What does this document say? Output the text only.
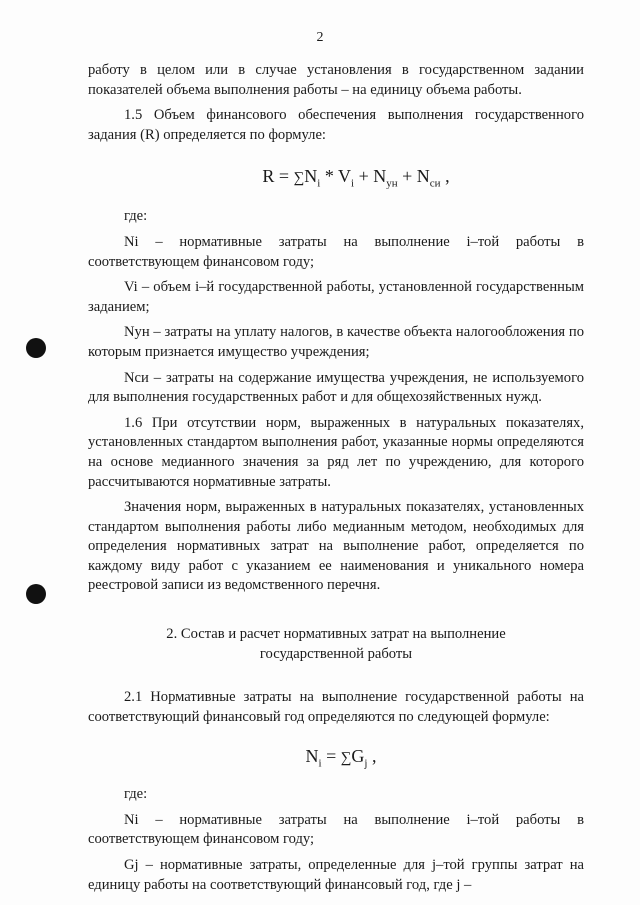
2

работу в целом или в случае установления в государственном задании показателей объема выполнения работы – на единицу объема работы.

1.5 Объем финансового обеспечения выполнения государственного задания (R) определяется по формуле:

$R = \sum N_i * V_i + N_{ун} + N_{си}$ ,

где:

Ni – нормативные затраты на выполнение i–той работы в соответствующем финансовом году;

Vi – объем i–й государственной работы, установленной государственным заданием;

Nун – затраты на уплату налогов, в качестве объекта налогообложения по которым признается имущество учреждения;

Nси – затраты на содержание имущества учреждения, не используемого для выполнения государственных работ и для общехозяйственных нужд.

1.6 При отсутствии норм, выраженных в натуральных показателях, установленных стандартом выполнения работ, указанные нормы определяются на основе медианного значения за ряд лет по учреждению, для которого рассчитываются нормативные затраты.

Значения норм, выраженных в натуральных показателях, установленных стандартом выполнения работы либо медианным методом, необходимых для определения нормативных затрат на выполнение работ, определяется по каждому виду работ с указанием ее наименования и уникального номера реестровой записи из ведомственного перечня.

2. Состав и расчет нормативных затрат на выполнение

государственной работы

2.1 Нормативные затраты на выполнение государственной работы на соответствующий финансовый год определяются по следующей формуле:

$N_i = \sum G_j$ ,

где:

Ni – нормативные затраты на выполнение i–той работы в соответствующем финансовом году;

Gj – нормативные затраты, определенные для j–той группы затрат на единицу работы на соответствующий финансовый год, где j –
